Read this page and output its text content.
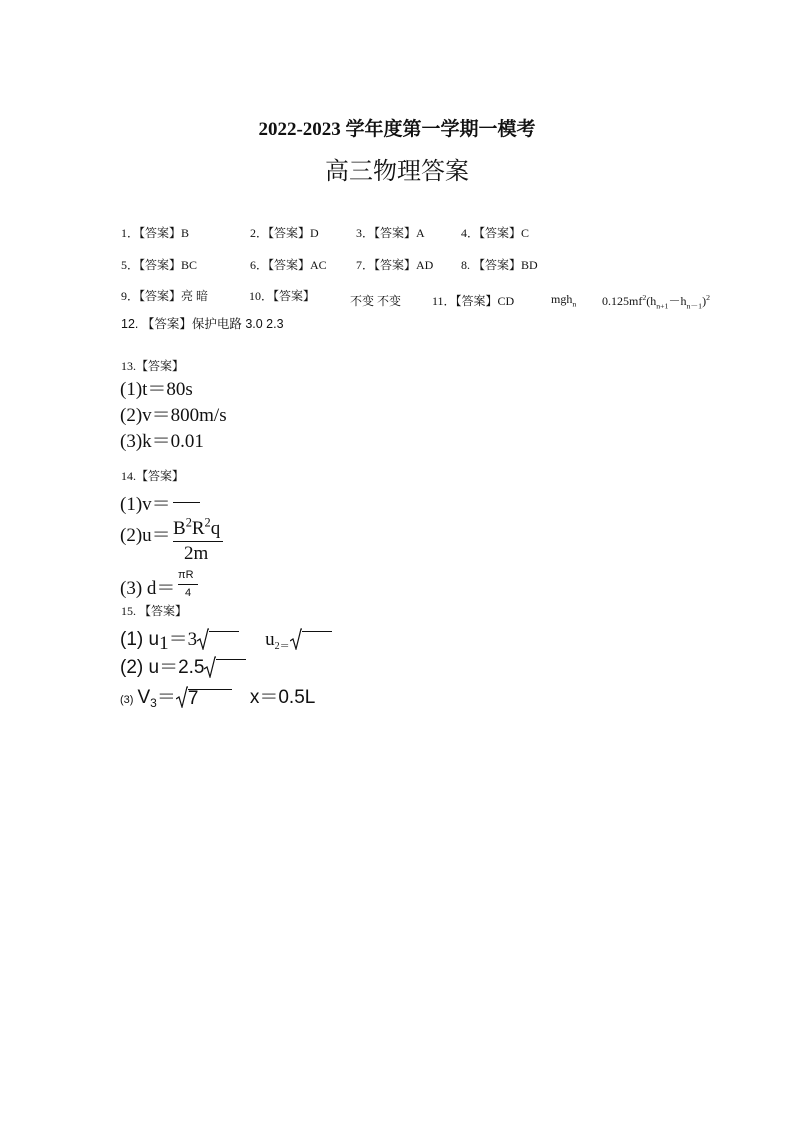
2022-2023 学年度第一学期一模考
高三物理答案
1．【答案】B	2．【答案】D	3．【答案】A	4．【答案】C
5．【答案】BC	6．【答案】AC 7．【答案】AD 8. 【答案】BD
9．【答案】亮 暗	10．【答案】	不变 不变	11．【答案】CD	mgh$_n$ $0.125mf^2(h_{n+1}-h_{n-1})^2$
12. 【答案】保护电路 3.0 2.3
13.【答案】
(1)t＝80s
(2)v＝800m/s
(3)k＝0.01
14.【答案】
(1)v＝
$(2)u= B^2R^2q$
2m
(3) d＝
πR
4
15. 【答案】
(1) $u_1=3$	$u_{2=}$
(2) u＝2.5
(3) $V_3= 7$	x＝0.5L
